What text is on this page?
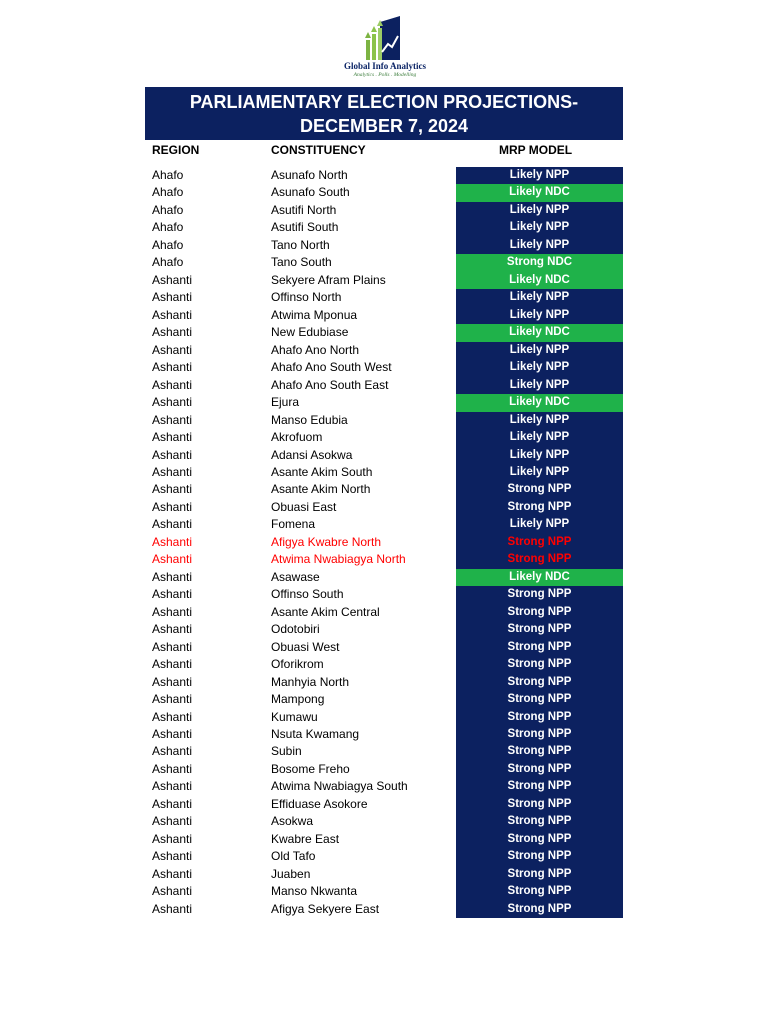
Global Info Analytics
Analytics . Polls . Modelling
PARLIAMENTARY ELECTION PROJECTIONS-
DECEMBER 7, 2024
REGION	CONSTITUENCY	MRP MODEL
Ahafo	Asunafo North	Likely NPP
Ahafo	Asunafo South	Likely NDC
Ahafo	Asutifi North	Likely NPP
Ahafo	Asutifi South	Likely NPP
Ahafo	Tano North	Likely NPP
Ahafo	Tano South	Strong NDC
Ashanti	Sekyere Afram Plains	Likely NDC
Ashanti	Offinso North	Likely NPP
Ashanti	Atwima Mponua	Likely NPP
Ashanti	New Edubiase	Likely NDC
Ashanti	Ahafo Ano North	Likely NPP
Ashanti	Ahafo Ano South West	Likely NPP
Ashanti	Ahafo Ano South East	Likely NPP
Ashanti	Ejura	Likely NDC
Ashanti	Manso Edubia	Likely NPP
Ashanti	Akrofuom	Likely NPP
Ashanti	Adansi Asokwa	Likely NPP
Ashanti	Asante Akim South	Likely NPP
Ashanti	Asante Akim North	Strong NPP
Ashanti	Obuasi East	Strong NPP
Ashanti	Fomena	Likely NPP
Ashanti	Afigya Kwabre North	Strong NPP
Ashanti	Atwima Nwabiagya North	Strong NPP
Ashanti	Asawase	Likely NDC
Ashanti	Offinso South	Strong NPP
Ashanti	Asante Akim Central	Strong NPP
Ashanti	Odotobiri	Strong NPP
Ashanti	Obuasi West	Strong NPP
Ashanti	Oforikrom	Strong NPP
Ashanti	Manhyia North	Strong NPP
Ashanti	Mampong	Strong NPP
Ashanti	Kumawu	Strong NPP
Ashanti	Nsuta Kwamang	Strong NPP
Ashanti	Subin	Strong NPP
Ashanti	Bosome Freho	Strong NPP
Ashanti	Atwima Nwabiagya South	Strong NPP
Ashanti	Effiduase Asokore	Strong NPP
Ashanti	Asokwa	Strong NPP
Ashanti	Kwabre East	Strong NPP
Ashanti	Old Tafo	Strong NPP
Ashanti	Juaben	Strong NPP
Ashanti	Manso Nkwanta	Strong NPP
Ashanti	Afigya Sekyere East	Strong NPP
